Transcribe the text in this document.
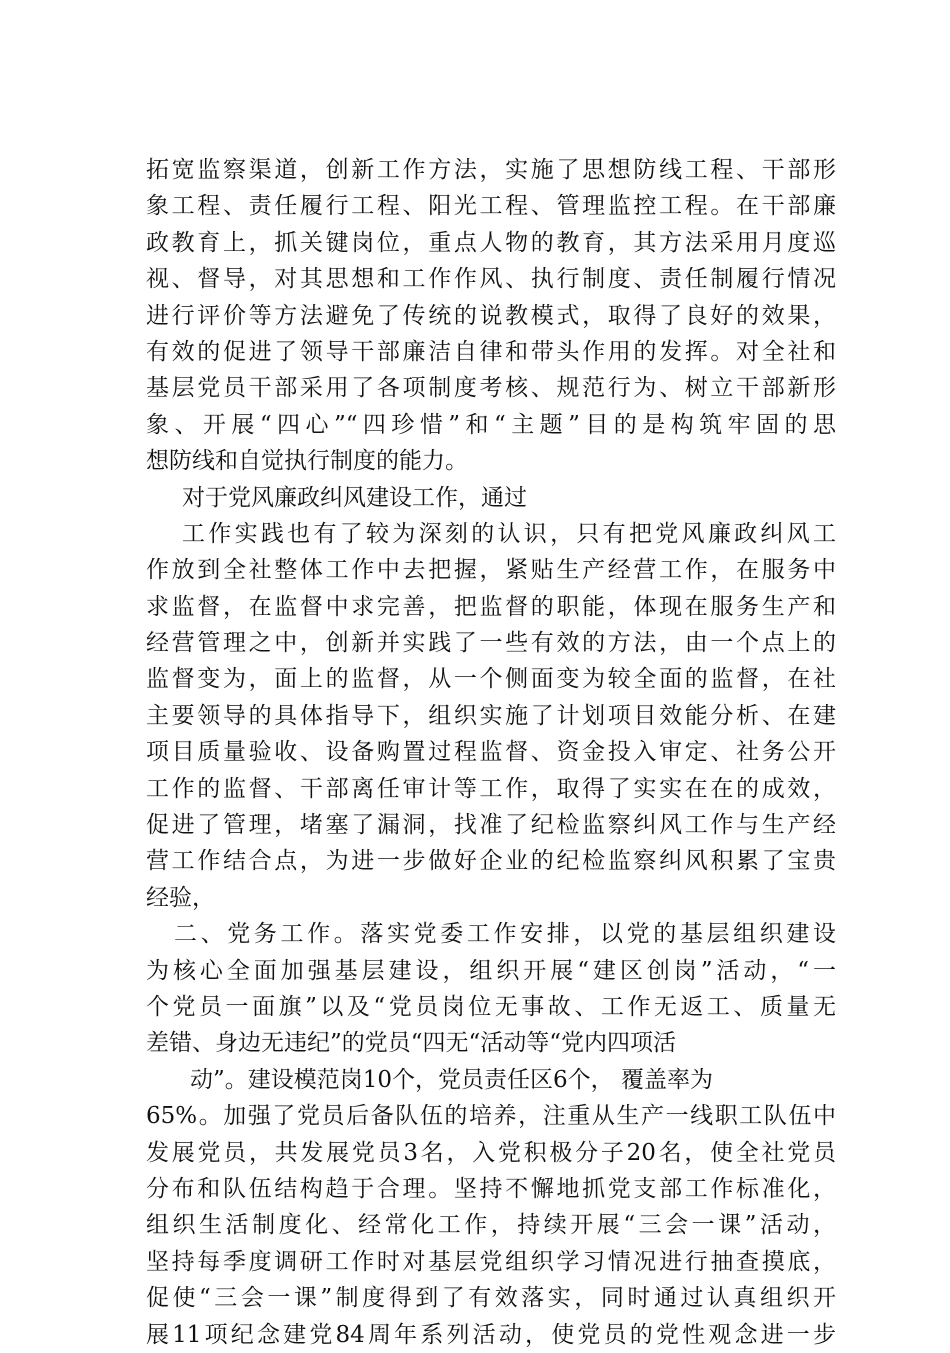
拓宽监察渠道，创新工作方法，实施了思想防线工程、干部形
象工程、责任履行工程、阳光工程、管理监控工程。在干部廉
政教育上，抓关键岗位，重点人物的教育，其方法采用月度巡
视、督导，对其思想和工作作风、执行制度、责任制履行情况
进行评价等方法避免了传统的说教模式，取得了良好的效果，
有效的促进了领导干部廉洁自律和带头作用的发挥。对全社和
基层党员干部采用了各项制度考核、规范行为、树立干部新形
象、开展“四心”“四珍惜”和“主题”目的是构筑牢固的思
想防线和自觉执行制度的能力。
对于党风廉政纠风建设工作，通过
工作实践也有了较为深刻的认识，只有把党风廉政纠风工
作放到全社整体工作中去把握，紧贴生产经营工作，在服务中
求监督，在监督中求完善，把监督的职能，体现在服务生产和
经营管理之中，创新并实践了一些有效的方法，由一个点上的
监督变为，面上的监督，从一个侧面变为较全面的监督，在社
主要领导的具体指导下，组织实施了计划项目效能分析、在建
项目质量验收、设备购置过程监督、资金投入审定、社务公开
工作的监督、干部离任审计等工作，取得了实实在在的成效，
促进了管理，堵塞了漏洞，找准了纪检监察纠风工作与生产经
营工作结合点，为进一步做好企业的纪检监察纠风积累了宝贵
经验，
二、党务工作。落实党委工作安排，以党的基层组织建设
为核心全面加强基层建设，组织开展“建区创岗”活动，“一
个党员一面旗”以及“党员岗位无事故、工作无返工、质量无
差错、身边无违纪”的党员“四无“活动等“党内四项活
动”。建设模范岗10个，党员责任区6个， 覆盖率为
65%。加强了党员后备队伍的培养，注重从生产一线职工队伍中
发展党员，共发展党员3名，入党积极分子20名，使全社党员
分布和队伍结构趋于合理。坚持不懈地抓党支部工作标准化，
组织生活制度化、经常化工作，持续开展“三会一课”活动，
坚持每季度调研工作时对基层党组织学习情况进行抽查摸底，
促使“三会一课”制度得到了有效落实，同时通过认真组织开
展11项纪念建党84周年系列活动，使党员的党性观念进一步
